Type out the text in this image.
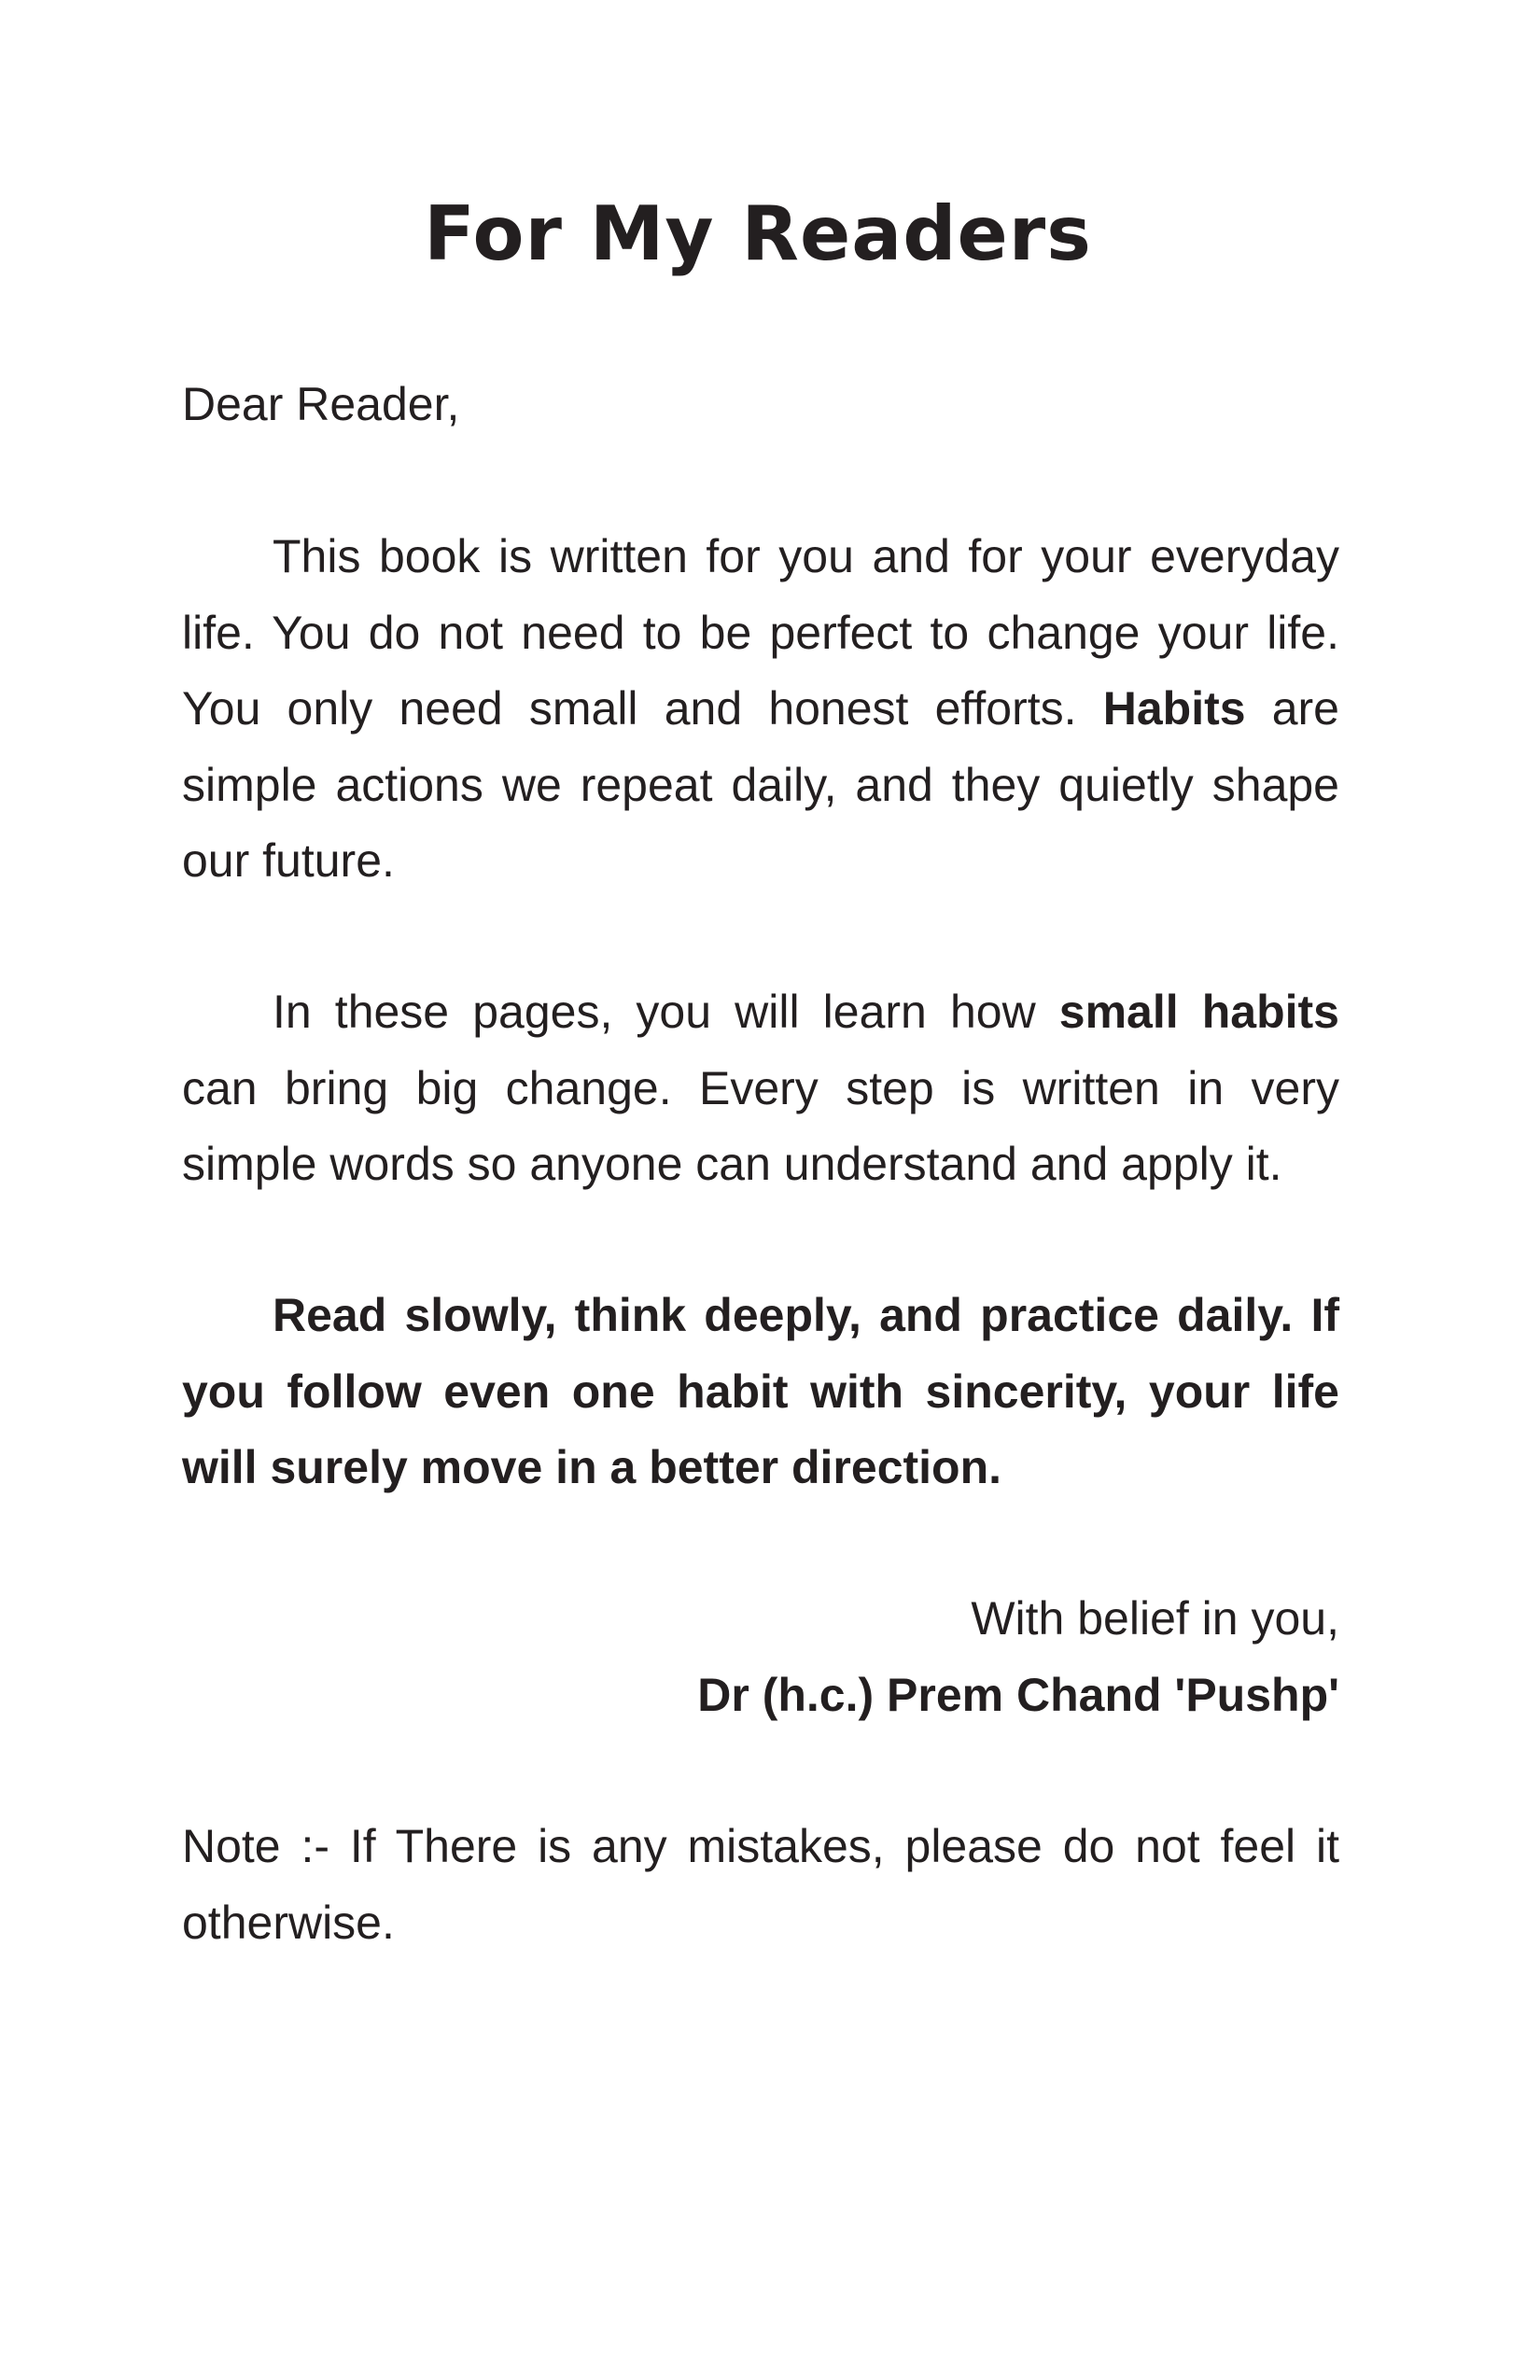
For My Readers

Dear Reader,

This book is written for you and for your everyday life. You do not need to be perfect to change your life. You only need small and honest efforts. Habits are simple actions we repeat daily, and they quietly shape our future.

In these pages, you will learn how small habits can bring big change. Every step is written in very simple words so anyone can understand and apply it.

Read slowly, think deeply, and practice daily. If you follow even one habit with sincerity, your life will surely move in a better direction.

With belief in you,
Dr (h.c.) Prem Chand 'Pushp'

Note :- If There is any mistakes, please do not feel it otherwise.
